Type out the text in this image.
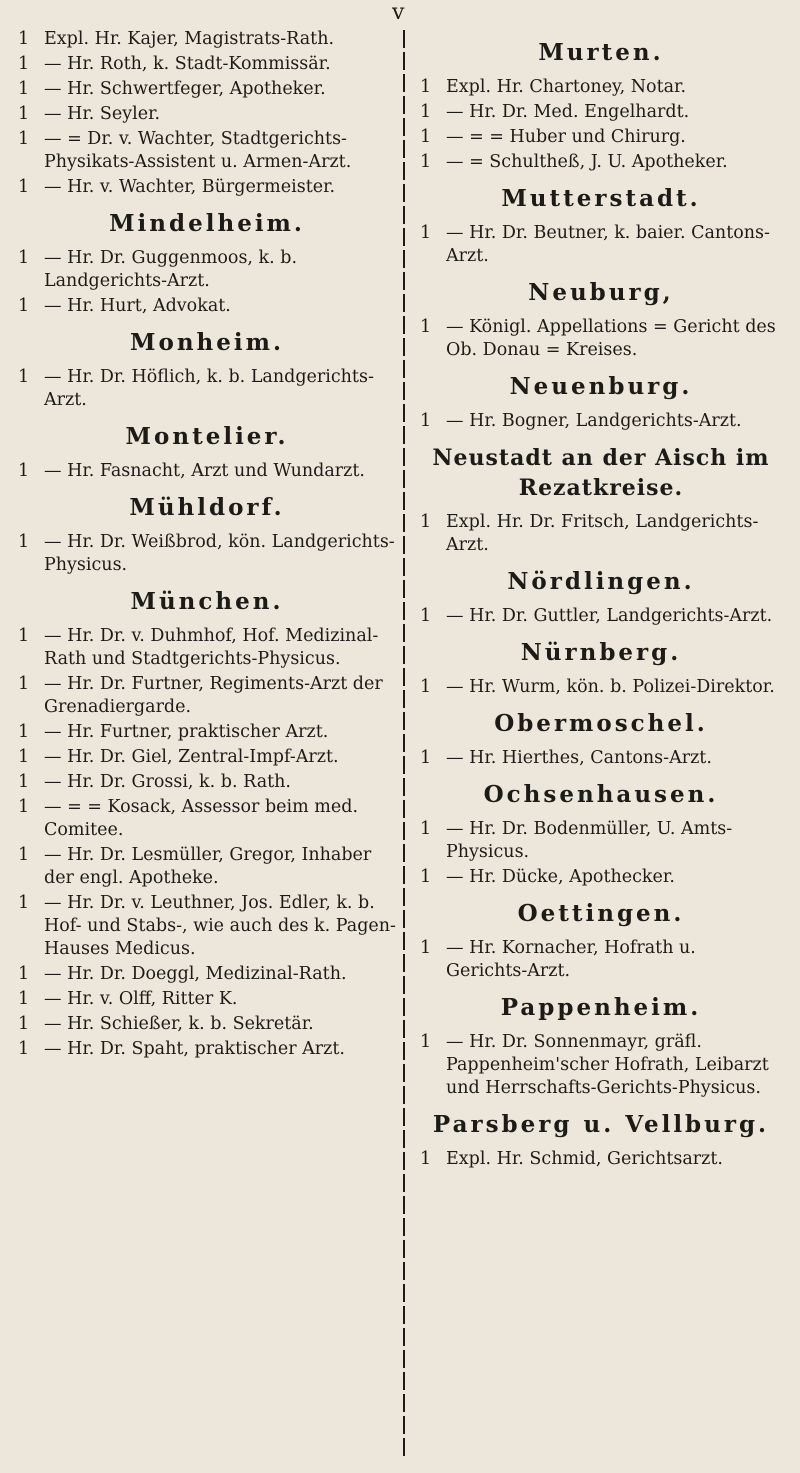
v
1 Expl. Hr. Kajer, Magistrats-Rath.
1 — Hr. Roth, k. Stadt-Kommissär.
1 — Hr. Schwertfeger, Apotheker.
1 — Hr. Seyler.
1 — = Dr. v. Wachter, Stadtgerichts-Physikats-Assistent u. Armen-Arzt.
1 — Hr. v. Wachter, Bürgermeister.
Mindelheim.
1 — Hr. Dr. Guggenmoos, k. b. Landgerichts-Arzt.
1 — Hr. Hurt, Advokat.
Monheim.
1 — Hr. Dr. Höflich, k. b. Landgerichts-Arzt.
Montelier.
1 — Hr. Fasnacht, Arzt und Wundarzt.
Mühldorf.
1 — Hr. Dr. Weißbrod, kön. Landgerichts-Physicus.
München.
1 — Hr. Dr. v. Duhmhof, Hof. Medizinal-Rath und Stadtgerichts-Physicus.
1 — Hr. Dr. Furtner, Regiments-Arzt der Grenadiergarde.
1 — Hr. Furtner, praktischer Arzt.
1 — Hr. Dr. Giel, Zentral-Impf-Arzt.
1 — Hr. Dr. Grossi, k. b. Rath.
1 — = = Kosack, Assessor beim med. Comitee.
1 — Hr. Dr. Lesmüller, Gregor, Inhaber der engl. Apotheke.
1 — Hr. Dr. v. Leuthner, Jos. Edler, k. b. Hof- und Stabs-, wie auch des k. Pagen-Hauses Medicus.
1 — Hr. Dr. Doeggl, Medizinal-Rath.
1 — Hr. v. Olff, Ritter K.
1 — Hr. Schießer, k. b. Sekretär.
1 — Hr. Dr. Spaht, praktischer Arzt.
Murten.
1 Expl. Hr. Chartoney, Notar.
1 — Hr. Dr. Med. Engelhardt.
1 — = = Huber und Chirurg.
1 — = Schultheß, J. U. Apotheker.
Mutterstadt.
1 — Hr. Dr. Beutner, k. baier. Cantons-Arzt.
Neuburg,
1 — Königl. Appellations = Gericht des Ob. Donau = Kreises.
Neuenburg.
1 — Hr. Bogner, Landgerichts-Arzt.
Neustadt an der Aisch im Rezatkreise.
1 Expl. Hr. Dr. Fritsch, Landgerichts-Arzt.
Nördlingen.
1 — Hr. Dr. Guttler, Landgerichts-Arzt.
Nürnberg.
1 — Hr. Wurm, kön. b. Polizei-Direktor.
Obermoschel.
1 — Hr. Hierthes, Cantons-Arzt.
Ochsenhausen.
1 — Hr. Dr. Bodenmüller, U. Amts-Physicus.
1 — Hr. Dücke, Apothecker.
Oettingen.
1 — Hr. Kornacher, Hofrath u. Gerichts-Arzt.
Pappenheim.
1 — Hr. Dr. Sonnenmayr, gräfl. Pappenheim'scher Hofrath, Leibarzt und Herrschafts-Gerichts-Physicus.
Parsberg u. Vellburg.
1 Expl. Hr. Schmid, Gerichtsarzt.
